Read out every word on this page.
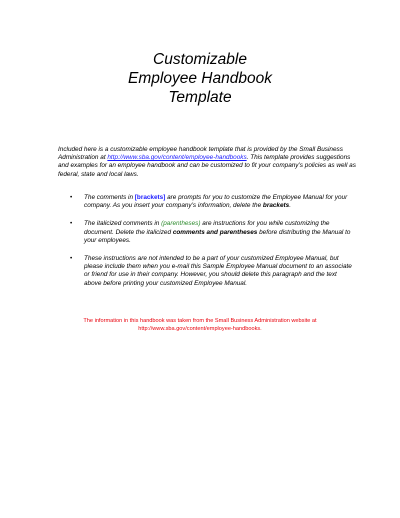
Customizable
Employee Handbook
Template
Included here is a customizable employee handbook template that is provided by the Small Business Administration at http://www.sba.gov/content/employee-handbooks. This template provides suggestions and examples for an employee handbook and can be customized to fit your company’s policies as well as federal, state and local laws.
• The comments in [brackets] are prompts for you to customize the Employee Manual for your company. As you insert your company’s information, delete the brackets.
• The italicized comments in (parentheses) are instructions for you while customizing the document. Delete the italicized comments and parentheses before distributing the Manual to your employees.
• These instructions are not intended to be a part of your customized Employee Manual, but please include them when you e-mail this Sample Employee Manual document to an associate or friend for use in their company. However, you should delete this paragraph and the text above before printing your customized Employee Manual.
The information in this handbook was taken from the Small Business Administration website at
http://www.sba.gov/content/employee-handbooks.
